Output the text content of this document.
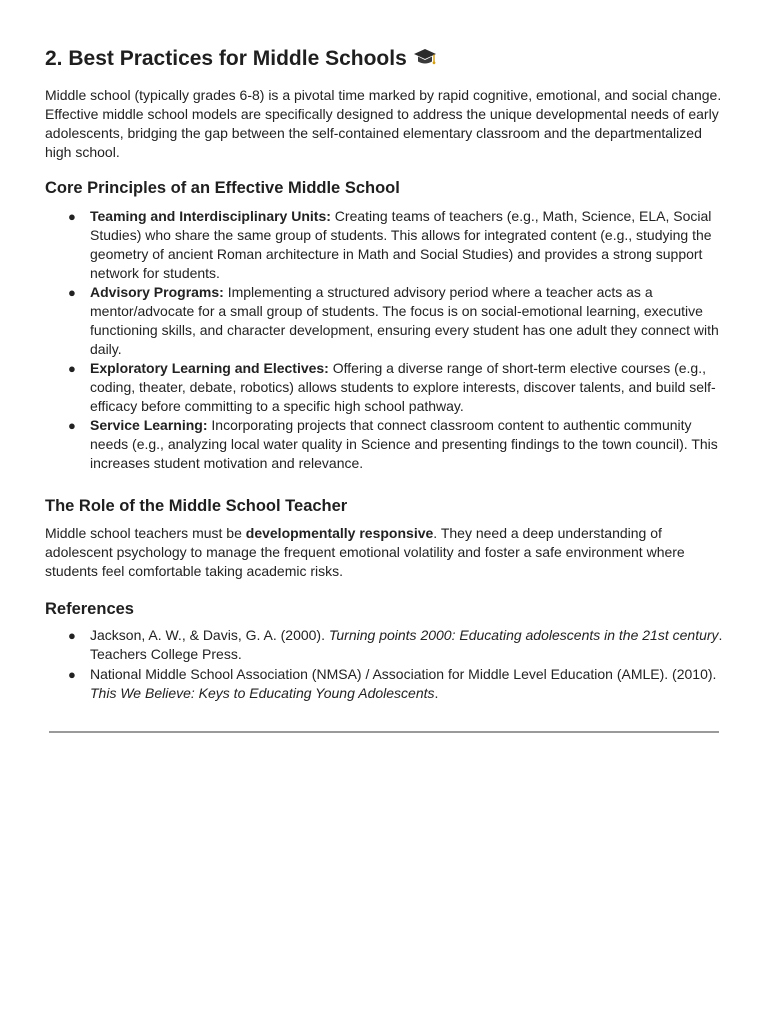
2. Best Practices for Middle Schools

Middle school (typically grades 6-8) is a pivotal time marked by rapid cognitive, emotional, and social change. Effective middle school models are specifically designed to address the unique developmental needs of early adolescents, bridging the gap between the self-contained elementary classroom and the departmentalized high school.

Core Principles of an Effective Middle School
● Teaming and Interdisciplinary Units: Creating teams of teachers (e.g., Math, Science, ELA, Social Studies) who share the same group of students. This allows for integrated content (e.g., studying the geometry of ancient Roman architecture in Math and Social Studies) and provides a strong support network for students.
● Advisory Programs: Implementing a structured advisory period where a teacher acts as a mentor/advocate for a small group of students. The focus is on social-emotional learning, executive functioning skills, and character development, ensuring every student has one adult they connect with daily.
● Exploratory Learning and Electives: Offering a diverse range of short-term elective courses (e.g., coding, theater, debate, robotics) allows students to explore interests, discover talents, and build self-efficacy before committing to a specific high school pathway.
● Service Learning: Incorporating projects that connect classroom content to authentic community needs (e.g., analyzing local water quality in Science and presenting findings to the town council). This increases student motivation and relevance.
The Role of the Middle School Teacher

Middle school teachers must be developmentally responsive. They need a deep understanding of adolescent psychology to manage the frequent emotional volatility and foster a safe environment where students feel comfortable taking academic risks.

References
● Jackson, A. W., & Davis, G. A. (2000). Turning points 2000: Educating adolescents in the 21st century. Teachers College Press.
● National Middle School Association (NMSA) / Association for Middle Level Education (AMLE). (2010). This We Believe: Keys to Educating Young Adolescents.
